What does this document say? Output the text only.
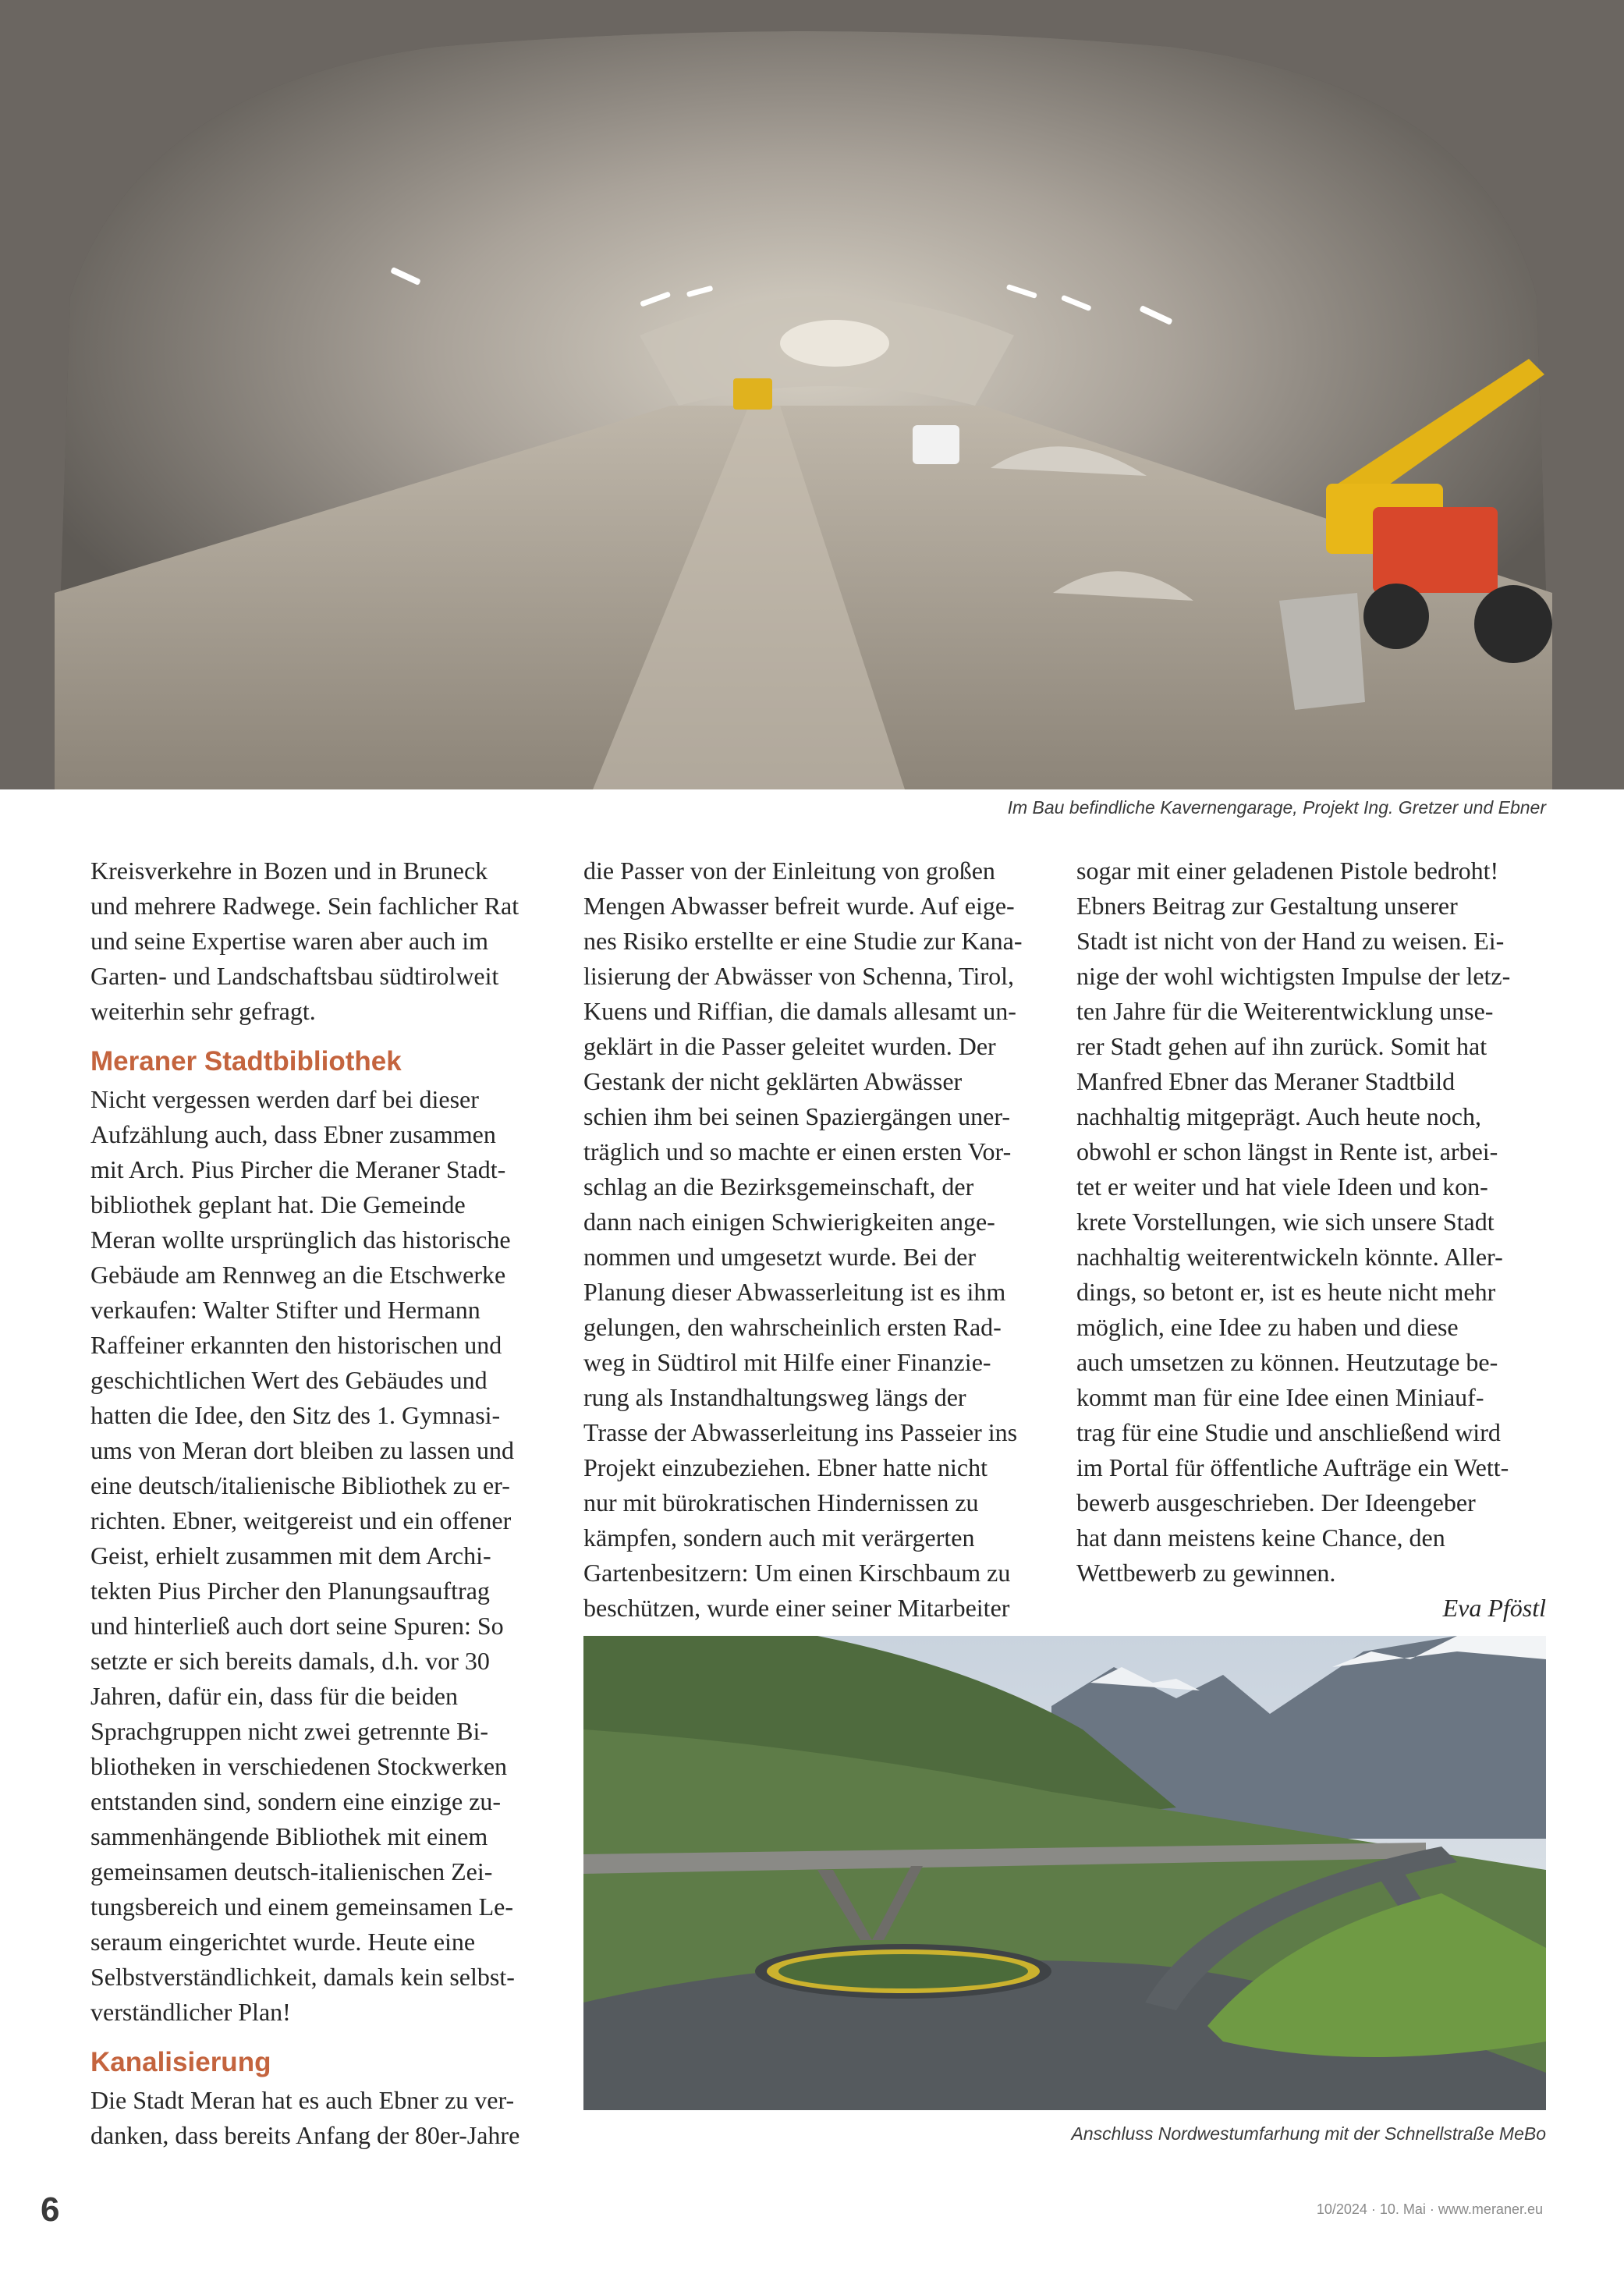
Im Bau befindliche Kavernengarage, Projekt Ing. Gretzer und Ebner
Kreisverkehre in Bozen und in Bruneck
und mehrere Radwege. Sein fachlicher Rat
und seine Expertise waren aber auch im
Garten- und Landschaftsbau südtirolweit
weiterhin sehr gefragt.
Meraner Stadtbibliothek
Nicht vergessen werden darf bei dieser
Aufzählung auch, dass Ebner zusammen
mit Arch. Pius Pircher die Meraner Stadt-
bibliothek geplant hat. Die Gemeinde
Meran wollte ursprünglich das historische
Gebäude am Rennweg an die Etschwerke
verkaufen: Walter Stifter und Hermann
Raffeiner erkannten den historischen und
geschichtlichen Wert des Gebäudes und
hatten die Idee, den Sitz des 1. Gymnasi-
ums von Meran dort bleiben zu lassen und
eine deutsch/italienische Bibliothek zu er-
richten. Ebner, weitgereist und ein offener
Geist, erhielt zusammen mit dem Archi-
tekten Pius Pircher den Planungsauftrag
und hinterließ auch dort seine Spuren: So
setzte er sich bereits damals, d.h. vor 30
Jahren, dafür ein, dass für die beiden
Sprachgruppen nicht zwei getrennte Bi-
bliotheken in verschiedenen Stockwerken
entstanden sind, sondern eine einzige zu-
sammenhängende Bibliothek mit einem
gemeinsamen deutsch-italienischen Zei-
tungsbereich und einem gemeinsamen Le-
seraum eingerichtet wurde. Heute eine
Selbstverständlichkeit, damals kein selbst-
verständlicher Plan!
Kanalisierung
Die Stadt Meran hat es auch Ebner zu ver-
danken, dass bereits Anfang der 80er-Jahre
die Passer von der Einleitung von großen
Mengen Abwasser befreit wurde. Auf eige-
nes Risiko erstellte er eine Studie zur Kana-
lisierung der Abwässer von Schenna, Tirol,
Kuens und Riffian, die damals allesamt un-
geklärt in die Passer geleitet wurden. Der
Gestank der nicht geklärten Abwässer
schien ihm bei seinen Spaziergängen uner-
träglich und so machte er einen ersten Vor-
schlag an die Bezirksgemeinschaft, der
dann nach einigen Schwierigkeiten ange-
nommen und umgesetzt wurde. Bei der
Planung dieser Abwasserleitung ist es ihm
gelungen, den wahrscheinlich ersten Rad-
weg in Südtirol mit Hilfe einer Finanzie-
rung als Instandhaltungsweg längs der
Trasse der Abwasserleitung ins Passeier ins
Projekt einzubeziehen. Ebner hatte nicht
nur mit bürokratischen Hindernissen zu
kämpfen, sondern auch mit verärgerten
Gartenbesitzern: Um einen Kirschbaum zu
beschützen, wurde einer seiner Mitarbeiter
sogar mit einer geladenen Pistole bedroht!
Ebners Beitrag zur Gestaltung unserer
Stadt ist nicht von der Hand zu weisen. Ei-
nige der wohl wichtigsten Impulse der letz-
ten Jahre für die Weiterentwicklung unse-
rer Stadt gehen auf ihn zurück. Somit hat
Manfred Ebner das Meraner Stadtbild
nachhaltig mitgeprägt. Auch heute noch,
obwohl er schon längst in Rente ist, arbei-
tet er weiter und hat viele Ideen und kon-
krete Vorstellungen, wie sich unsere Stadt
nachhaltig weiterentwickeln könnte. Aller-
dings, so betont er, ist es heute nicht mehr
möglich, eine Idee zu haben und diese
auch umsetzen zu können. Heutzutage be-
kommt man für eine Idee einen Miniauf-
trag für eine Studie und anschließend wird
im Portal für öffentliche Aufträge ein Wett-
bewerb ausgeschrieben. Der Ideengeber
hat dann meistens keine Chance, den
Wettbewerb zu gewinnen.
Eva Pföstl
Anschluss Nordwestumfarhung mit der Schnellstraße MeBo
6	10/2024 · 10. Mai · www.meraner.eu
